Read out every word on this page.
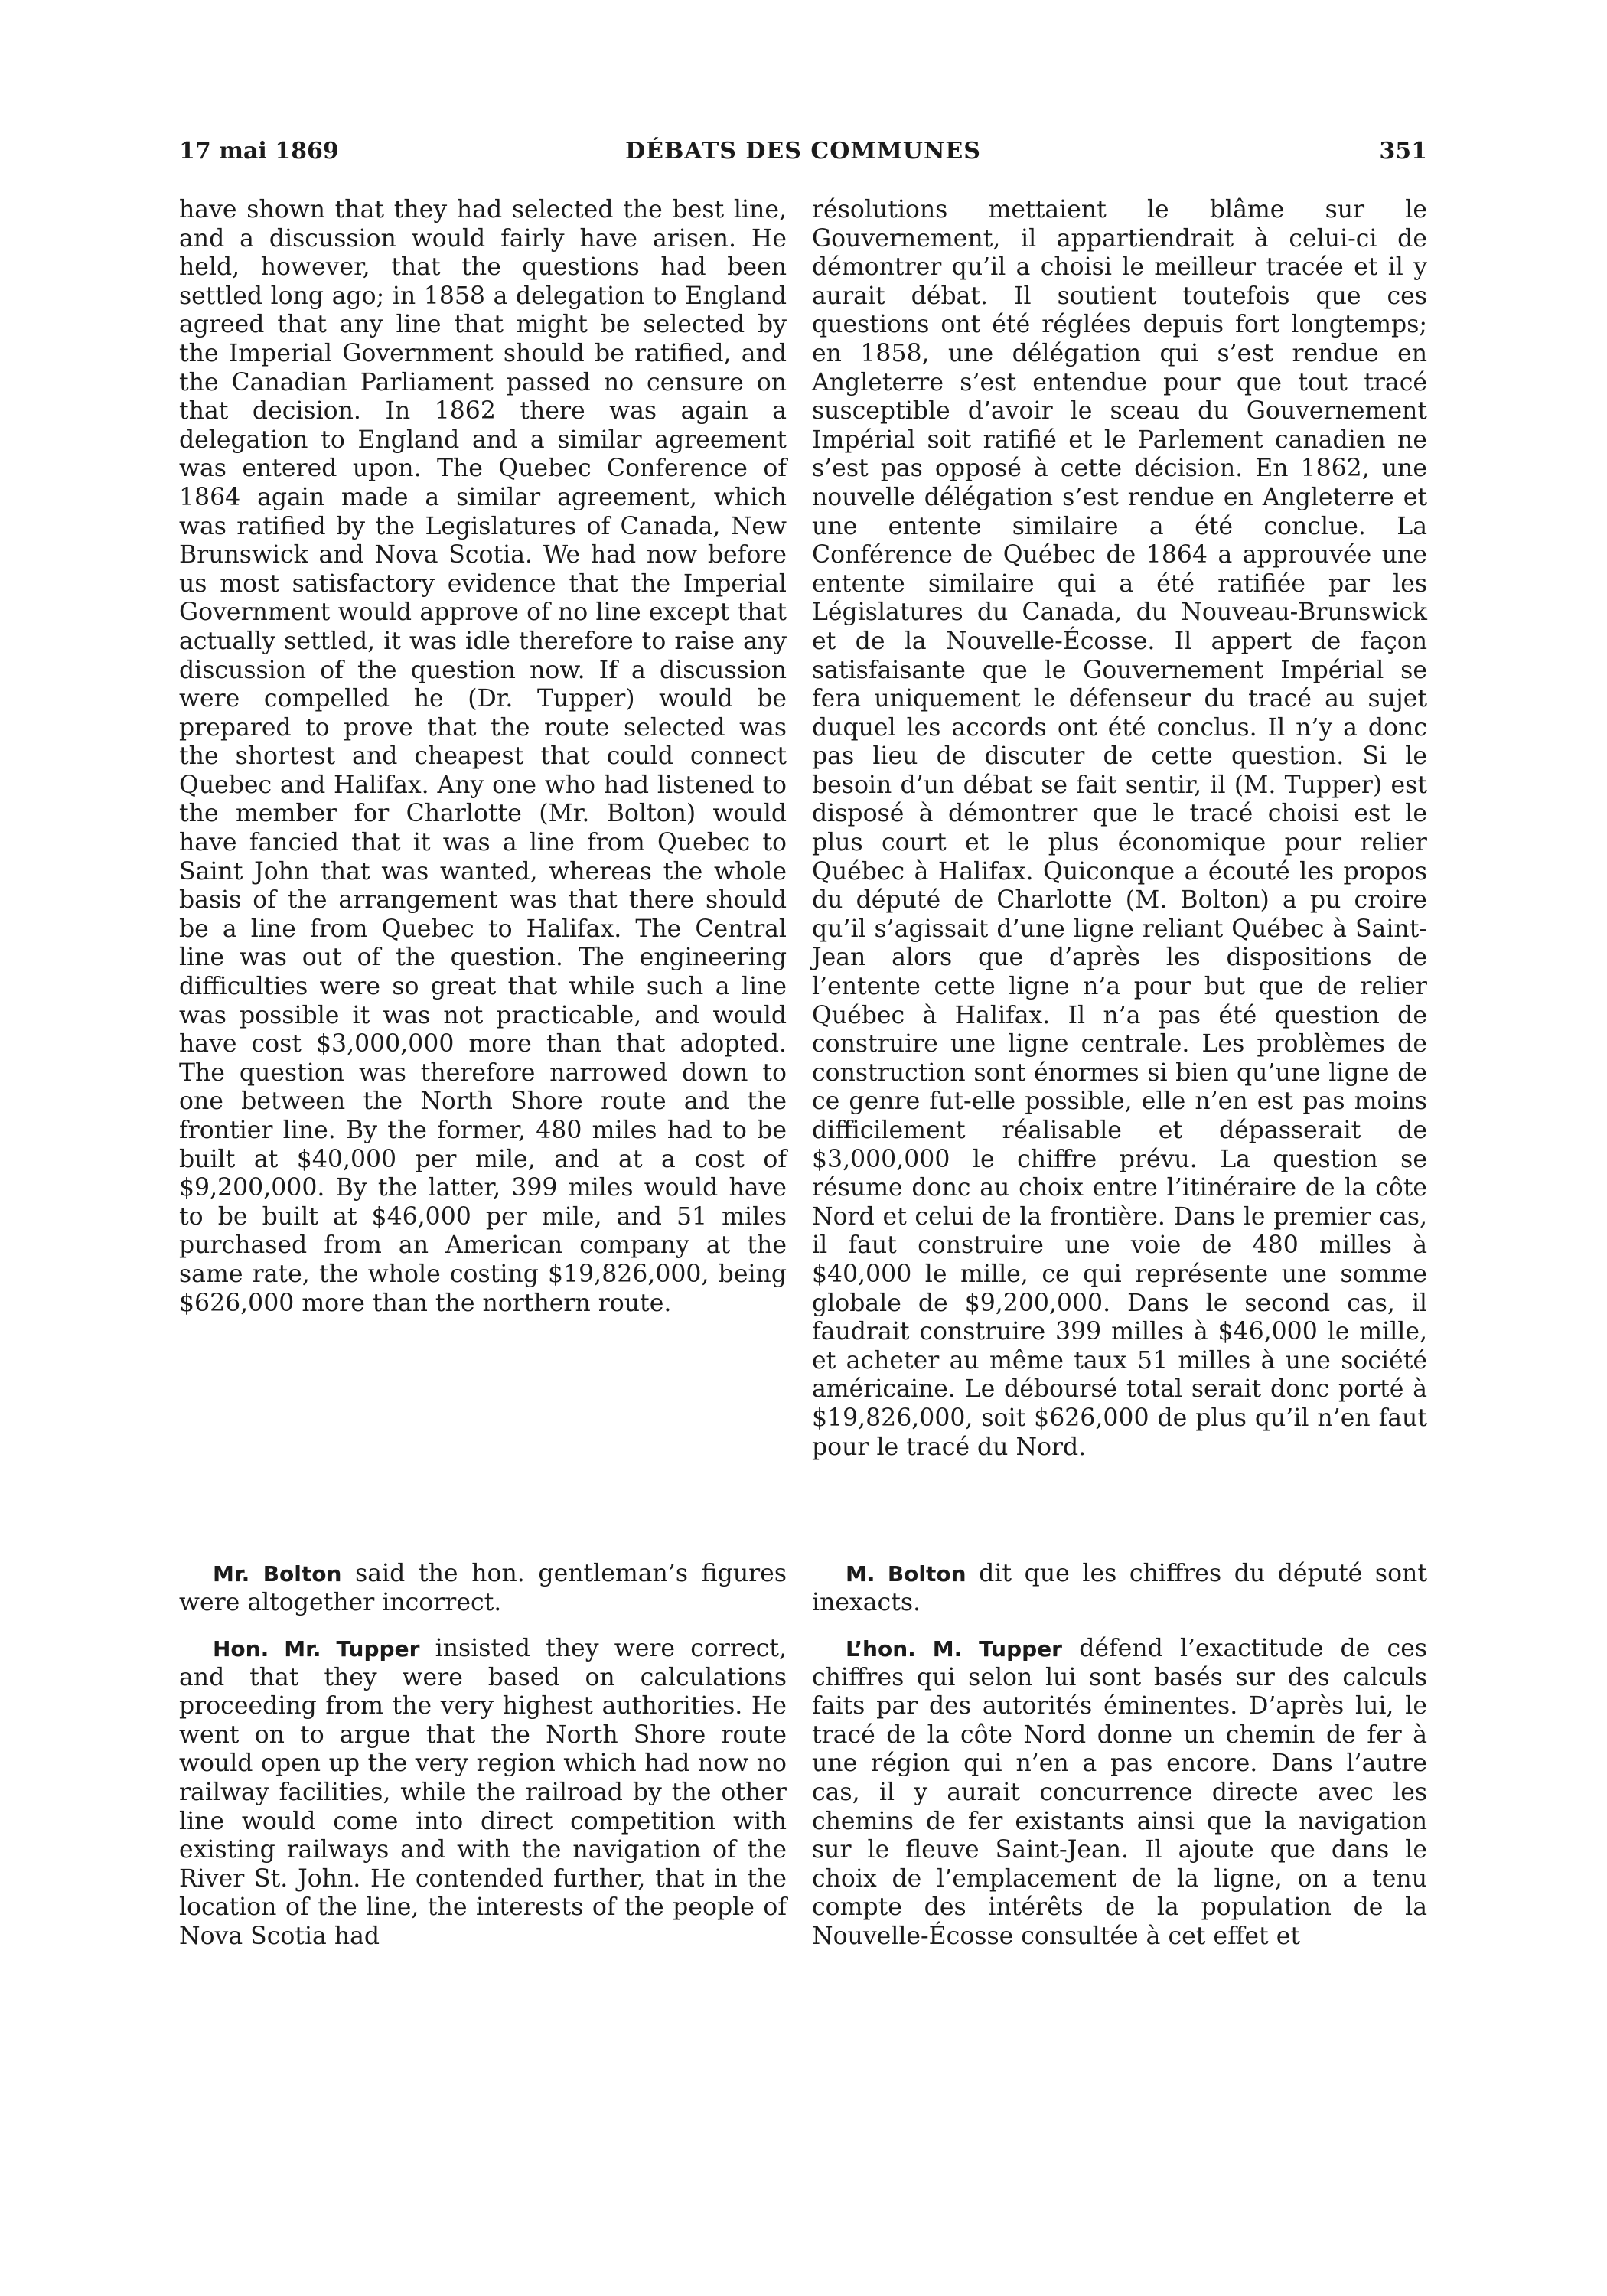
17 mai 1869	DÉBATS DES COMMUNES	351

have shown that they had selected the best line, and a discussion would fairly have arisen. He held, however, that the questions had been settled long ago; in 1858 a delegation to England agreed that any line that might be selected by the Imperial Government should be ratified, and the Canadian Parliament passed no censure on that decision. In 1862 there was again a delegation to England and a similar agreement was entered upon. The Quebec Conference of 1864 again made a similar agreement, which was ratified by the Legislatures of Canada, New Brunswick and Nova Scotia. We had now before us most satisfactory evidence that the Imperial Government would approve of no line except that actually settled, it was idle therefore to raise any discussion of the question now. If a discussion were compelled he (Dr. Tupper) would be prepared to prove that the route selected was the shortest and cheapest that could connect Quebec and Halifax. Any one who had listened to the member for Charlotte (Mr. Bolton) would have fancied that it was a line from Quebec to Saint John that was wanted, whereas the whole basis of the arrangement was that there should be a line from Quebec to Halifax. The Central line was out of the question. The engineering difficulties were so great that while such a line was possible it was not practicable, and would have cost $3,000,000 more than that adopted. The question was therefore narrowed down to one between the North Shore route and the frontier line. By the former, 480 miles had to be built at $40,000 per mile, and at a cost of $9,200,000. By the latter, 399 miles would have to be built at $46,000 per mile, and 51 miles purchased from an American company at the same rate, the whole costing $19,826,000, being $626,000 more than the northern route.

résolutions mettaient le blâme sur le Gouvernement, il appartiendrait à celui-ci de démontrer qu’il a choisi le meilleur tracée et il y aurait débat. Il soutient toutefois que ces questions ont été réglées depuis fort longtemps; en 1858, une délégation qui s’est rendue en Angleterre s’est entendue pour que tout tracé susceptible d’avoir le sceau du Gouvernement Impérial soit ratifié et le Parlement canadien ne s’est pas opposé à cette décision. En 1862, une nouvelle délégation s’est rendue en Angleterre et une entente similaire a été conclue. La Conférence de Québec de 1864 a approuvée une entente similaire qui a été ratifiée par les Législatures du Canada, du Nouveau-Brunswick et de la Nouvelle-Écosse. Il appert de façon satisfaisante que le Gouvernement Impérial se fera uniquement le défenseur du tracé au sujet duquel les accords ont été conclus. Il n’y a donc pas lieu de discuter de cette question. Si le besoin d’un débat se fait sentir, il (M. Tupper) est disposé à démontrer que le tracé choisi est le plus court et le plus économique pour relier Québec à Halifax. Quiconque a écouté les propos du député de Charlotte (M. Bolton) a pu croire qu’il s’agissait d’une ligne reliant Québec à Saint-Jean alors que d’après les dispositions de l’entente cette ligne n’a pour but que de relier Québec à Halifax. Il n’a pas été question de construire une ligne centrale. Les problèmes de construction sont énormes si bien qu’une ligne de ce genre fut-elle possible, elle n’en est pas moins difficilement réalisable et dépasserait de $3,000,000 le chiffre prévu. La question se résume donc au choix entre l’itinéraire de la côte Nord et celui de la frontière. Dans le premier cas, il faut construire une voie de 480 milles à $40,000 le mille, ce qui représente une somme globale de $9,200,000. Dans le second cas, il faudrait construire 399 milles à $46,000 le mille, et acheter au même taux 51 milles à une société américaine. Le déboursé total serait donc porté à $19,826,000, soit $626,000 de plus qu’il n’en faut pour le tracé du Nord.

Mr. Bolton said the hon. gentleman’s figures were altogether incorrect.

M. Bolton dit que les chiffres du député sont inexacts.

Hon. Mr. Tupper insisted they were correct, and that they were based on calculations proceeding from the very highest authorities. He went on to argue that the North Shore route would open up the very region which had now no railway facilities, while the railroad by the other line would come into direct competition with existing railways and with the navigation of the River St. John. He contended further, that in the location of the line, the interests of the people of Nova Scotia had

L’hon. M. Tupper défend l’exactitude de ces chiffres qui selon lui sont basés sur des calculs faits par des autorités éminentes. D’après lui, le tracé de la côte Nord donne un chemin de fer à une région qui n’en a pas encore. Dans l’autre cas, il y aurait concurrence directe avec les chemins de fer existants ainsi que la navigation sur le fleuve Saint-Jean. Il ajoute que dans le choix de l’emplacement de la ligne, on a tenu compte des intérêts de la population de la Nouvelle-Écosse consultée à cet effet et
